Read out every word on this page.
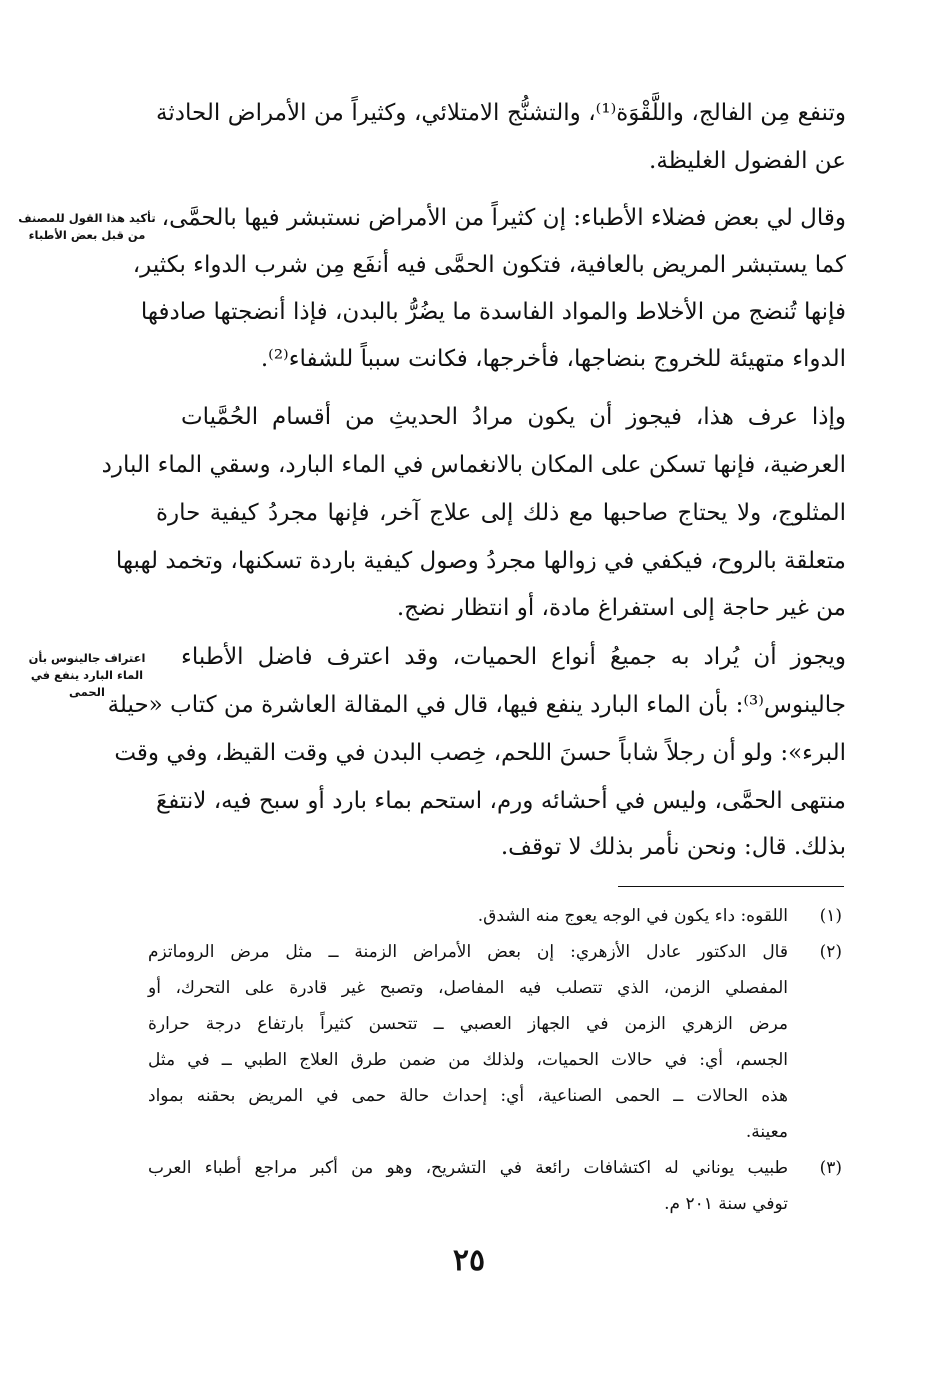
وتنفع مِن الفالج، واللَّقْوَة⁽¹⁾، والتشنُّج الامتلائي، وكثيراً من الأمراض الحادثة
عن الفضول الغليظة.
وقال لي بعض فضلاء الأطباء: إن كثيراً من الأمراض نستبشر فيها بالحمَّى،
كما يستبشر المريض بالعافية، فتكون الحمَّى فيه أنفَع مِن شرب الدواء بكثير،
فإنها تُنضج من الأخلاط والمواد الفاسدة ما يضُرُّ بالبدن، فإذا أنضجتها صادفها
الدواء متهيئة للخروج بنضاجها، فأخرجها، فكانت سبباً للشفاء⁽²⁾.
وإذا عرف هذا، فيجوز أن يكون مرادُ الحديثِ من أقسام الحُمَّيات
العرضية، فإنها تسكن على المكان بالانغماس في الماء البارد، وسقي الماء البارد
المثلوج، ولا يحتاج صاحبها مع ذلك إلى علاج آخر، فإنها مجردُ كيفية حارة
متعلقة بالروح، فيكفي في زوالها مجردُ وصول كيفية باردة تسكنها، وتخمد لهبها
من غير حاجة إلى استفراغ مادة، أو انتظار نضج.
ويجوز أن يُراد به جميعُ أنواع الحميات، وقد اعترف فاضل الأطباء
جالينوس⁽³⁾: بأن الماء البارد ينفع فيها، قال في المقالة العاشرة من كتاب «حيلة
البرء»: ولو أن رجلاً شاباً حسنَ اللحم، خِصب البدن في وقت القيظ، وفي وقت
منتهى الحمَّى، وليس في أحشائه ورم، استحم بماء بارد أو سبح فيه، لانتفعَ
بذلك. قال: ونحن نأمر بذلك لا توقف.
تأكيد هذا القول للمصنف
من قبل بعض الأطباء
اعتراف جالينوس بأن
الماء البارد ينفع في
الحمى
(١)
اللقوه: داء يكون في الوجه يعوج منه الشدق.
(٢)
قال الدكتور عادل الأزهري: إن بعض الأمراض الزمنة ــ مثل مرض الروماتزم
المفصلي الزمن، الذي تتصلب فيه المفاصل، وتصبح غير قادرة على التحرك، أو
مرض الزهري الزمن في الجهاز العصبي ــ تتحسن كثيراً بارتفاع درجة حرارة
الجسم، أي: في حالات الحميات، ولذلك من ضمن طرق العلاج الطبي ــ في مثل
هذه الحالات ــ الحمى الصناعية، أي: إحداث حالة حمى في المريض بحقنه بمواد
معينة.
(٣)
طبيب يوناني له اكتشافات رائعة في التشريح، وهو من أكبر مراجع أطباء العرب
توفي سنة ٢٠١ م.
٢٥
